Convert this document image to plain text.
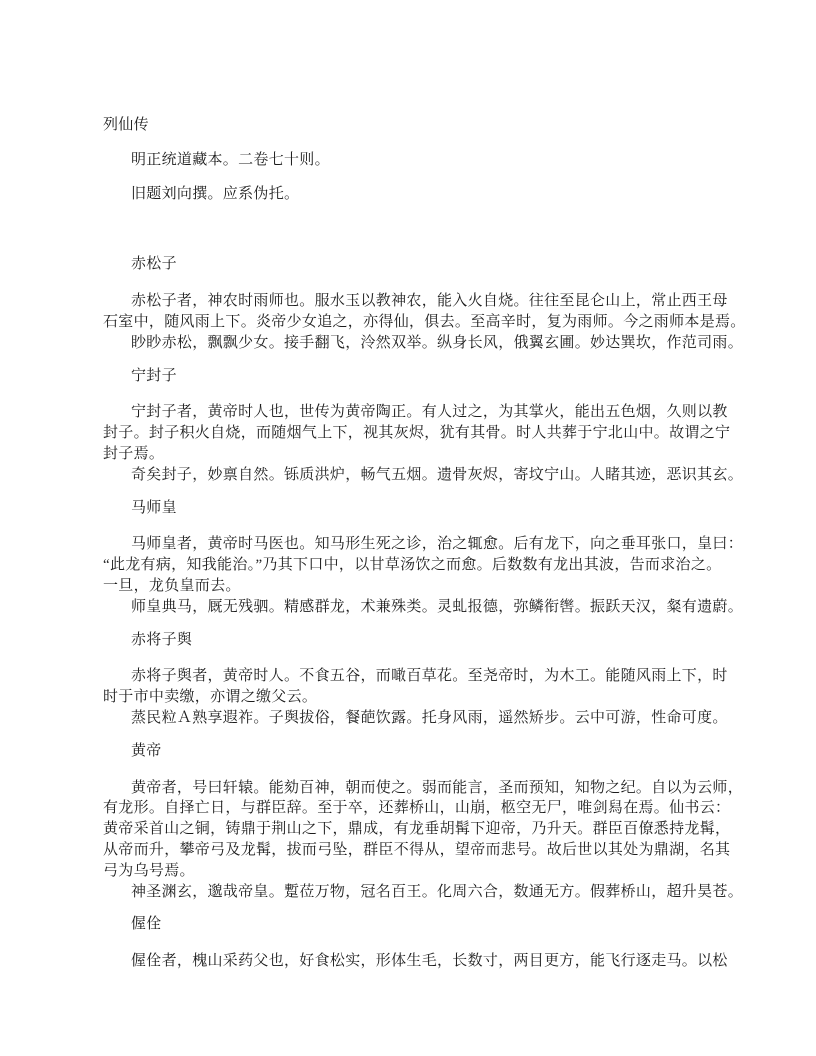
列仙传

明正统道藏本。二卷七十则。

旧题刘向撰。应系伪托。

赤松子

赤松子者，神农时雨师也。服水玉以教神农，能入火自烧。往往至昆仑山上，常止西王母

石室中，随风雨上下。炎帝少女追之，亦得仙，俱去。至高辛时，复为雨师。今之雨师本是焉。

眇眇赤松，飘飘少女。接手翻飞，泠然双举。纵身长风，俄翼玄圃。妙达巽坎，作范司雨。

宁封子

宁封子者，黄帝时人也，世传为黄帝陶正。有人过之，为其掌火，能出五色烟，久则以教

封子。封子积火自烧，而随烟气上下，视其灰烬，犹有其骨。时人共葬于宁北山中。故谓之宁

封子焉。

奇矣封子，妙禀自然。铄质洪炉，畅气五烟。遗骨灰烬，寄坟宁山。人睹其迹，恶识其玄。

马师皇

马师皇者，黄帝时马医也。知马形生死之诊，治之辄愈。后有龙下，向之垂耳张口，皇曰：

“此龙有病，知我能治。”乃其下口中，以甘草汤饮之而愈。后数数有龙出其波，告而求治之。

一旦，龙负皇而去。

师皇典马，厩无残驷。精感群龙，术兼殊类。灵虬报德，弥鳞衔辔。振跃天汉，粲有遗蔚。

赤将子舆

赤将子舆者，黄帝时人。不食五谷，而噉百草花。至尧帝时，为木工。能随风雨上下，时

时于市中卖缴，亦谓之缴父云。

蒸民粒Ａ熟享遐祚。子舆拔俗，餐葩饮露。托身风雨，遥然矫步。云中可游，性命可度。

黄帝

黄帝者，号曰轩辕。能劾百神，朝而使之。弱而能言，圣而预知，知物之纪。自以为云师，

有龙形。自择亡日，与群臣辞。至于卒，还葬桥山，山崩，柩空无尸，唯剑舄在焉。仙书云：

黄帝采首山之铜，铸鼎于荆山之下，鼎成，有龙垂胡髯下迎帝，乃升天。群臣百僚悉持龙髯，

从帝而升，攀帝弓及龙髯，拔而弓坠，群臣不得从，望帝而悲号。故后世以其处为鼎湖，名其

弓为乌号焉。

神圣渊玄，邈哉帝皇。蹔莅万物，冠名百王。化周六合，数通无方。假葬桥山，超升昊苍。

偓佺

偓佺者，槐山采药父也，好食松实，形体生毛，长数寸，两目更方，能飞行逐走马。以松
